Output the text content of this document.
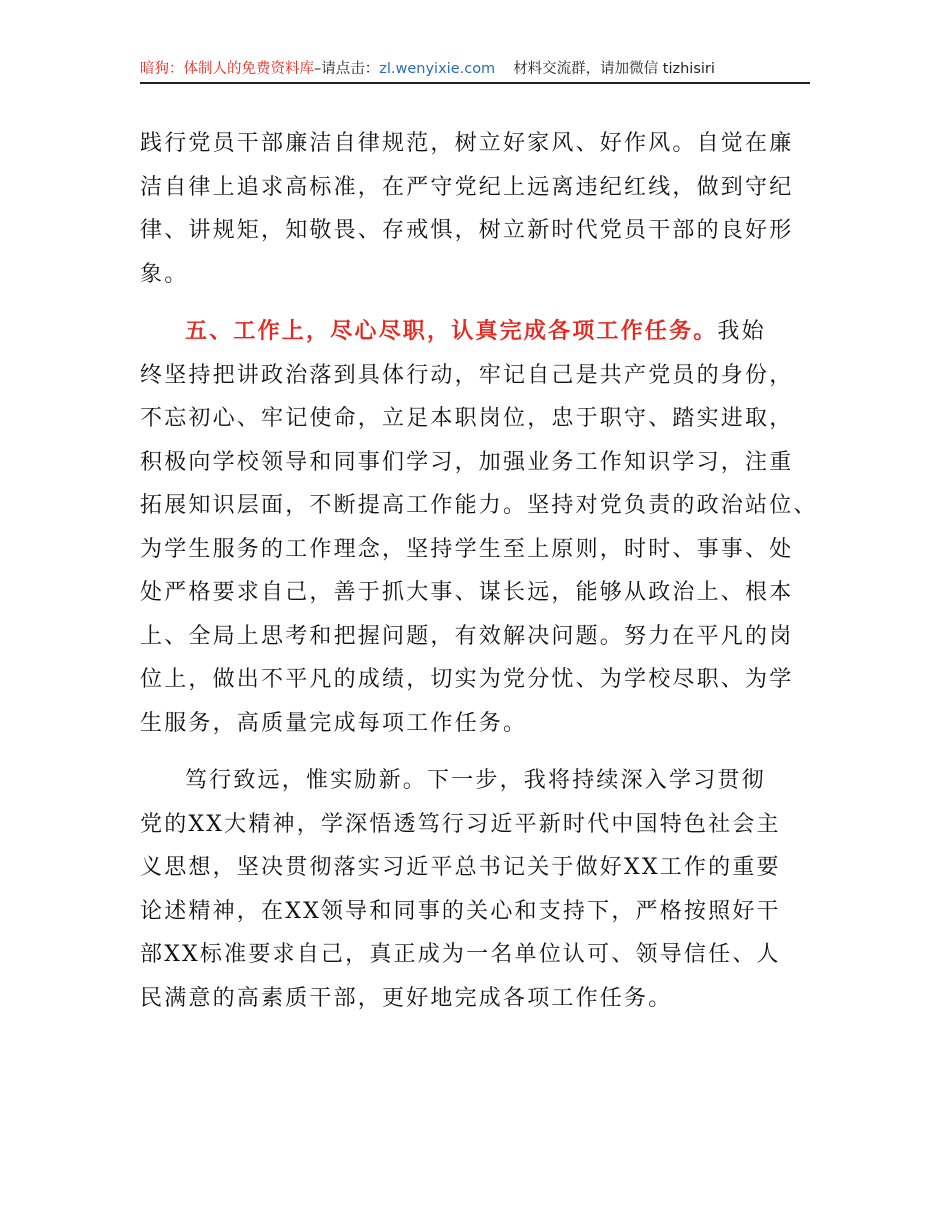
暗狗：体制人的免费资料库–请点击：zl.wenyixie.com 材料交流群，请加微信 tizhisiri
践行党员干部廉洁自律规范，树立好家风、好作风。自觉在廉
洁自律上追求高标准，在严守党纪上远离违纪红线，做到守纪
律、讲规矩，知敬畏、存戒惧，树立新时代党员干部的良好形
象。
五、工作上，尽心尽职，认真完成各项工作任务。我始
终坚持把讲政治落到具体行动，牢记自己是共产党员的身份，
不忘初心、牢记使命，立足本职岗位，忠于职守、踏实进取，
积极向学校领导和同事们学习，加强业务工作知识学习，注重
拓展知识层面，不断提高工作能力。坚持对党负责的政治站位、
为学生服务的工作理念，坚持学生至上原则，时时、事事、处
处严格要求自己，善于抓大事、谋长远，能够从政治上、根本
上、全局上思考和把握问题，有效解决问题。努力在平凡的岗
位上，做出不平凡的成绩，切实为党分忧、为学校尽职、为学
生服务，高质量完成每项工作任务。
笃行致远，惟实励新。下一步，我将持续深入学习贯彻
党的XX大精神，学深悟透笃行习近平新时代中国特色社会主
义思想，坚决贯彻落实习近平总书记关于做好XX工作的重要
论述精神，在XX领导和同事的关心和支持下，严格按照好干
部XX标准要求自己，真正成为一名单位认可、领导信任、人
民满意的高素质干部，更好地完成各项工作任务。
